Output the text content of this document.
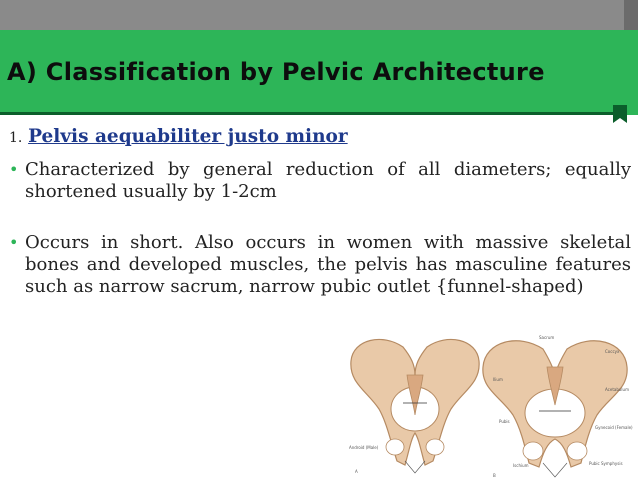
A) Classification by Pelvic Architecture
1. Pelvis aequabiliter justo minor
• Characterized by general reduction of all diameters; equally shortened usually by 1-2cm
• Occurs in short. Also occurs in women with massive skeletal bones and developed muscles, the pelvis has masculine features such as narrow sacrum, narrow pubic outlet {funnel-shaped)
Android (Male)
A
Sacrum
Coccyx
Ilium
Acetabulum
Pubis
Gynecoid (Female)
Pubic Symphysis
Ischium
B
